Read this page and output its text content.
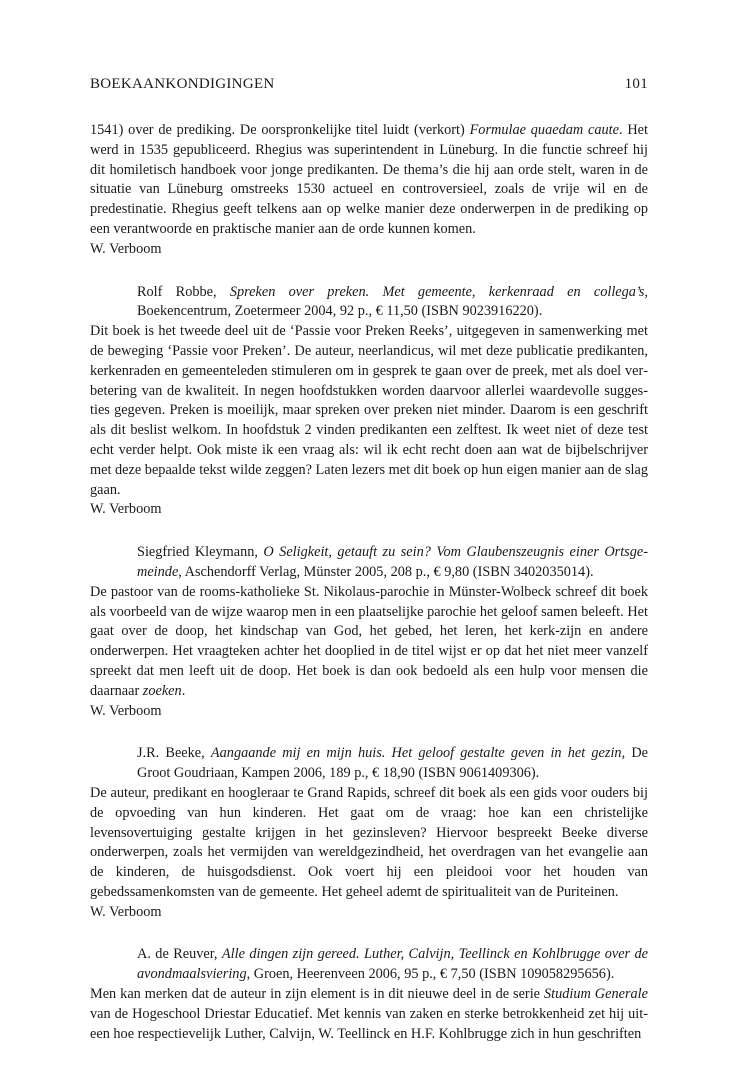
BOEKAANKONDIGINGEN	101

1541) over de prediking. De oorspronkelijke titel luidt (verkort) Formulae quaedam caute. Het werd in 1535 gepubliceerd. Rhegius was superintendent in Lüneburg. In die functie schreef hij dit homiletisch handboek voor jonge predikanten. De thema’s die hij aan orde stelt, waren in de situatie van Lüneburg omstreeks 1530 actueel en controversieel, zoals de vrije wil en de predestinatie. Rhegius geeft telkens aan op welke manier deze onderwerpen in de prediking op een verantwoorde en praktische manier aan de orde kunnen komen.

W. Verboom

Rolf Robbe, Spreken over preken. Met gemeente, kerkenraad en collega’s, Boekencentrum, Zoetermeer 2004, 92 p., € 11,50 (ISBN 9023916220).

Dit boek is het tweede deel uit de ‘Passie voor Preken Reeks’, uitgegeven in samenwerking met de beweging ‘Passie voor Preken’. De auteur, neerlandicus, wil met deze publicatie predikanten, kerkenraden en gemeenteleden stimuleren om in gesprek te gaan over de preek, met als doel verbetering van de kwaliteit. In negen hoofdstukken worden daarvoor allerlei waardevolle suggesties gegeven. Preken is moeilijk, maar spreken over preken niet minder. Daarom is een geschrift als dit beslist welkom. In hoofdstuk 2 vinden predikanten een zelftest. Ik weet niet of deze test echt verder helpt. Ook miste ik een vraag als: wil ik echt recht doen aan wat de bijbelschrijver met deze bepaalde tekst wilde zeggen? Laten lezers met dit boek op hun eigen manier aan de slag gaan.

W. Verboom

Siegfried Kleymann, O Seligkeit, getauft zu sein? Vom Glaubenszeugnis einer Ortsgemeinde, Aschendorff Verlag, Münster 2005, 208 p., € 9,80 (ISBN 3402035014).

De pastoor van de rooms-katholieke St. Nikolaus-parochie in Münster-Wolbeck schreef dit boek als voorbeeld van de wijze waarop men in een plaatselijke parochie het geloof samen beleeft. Het gaat over de doop, het kindschap van God, het gebed, het leren, het kerk-zijn en andere onderwerpen. Het vraagteken achter het dooplied in de titel wijst er op dat het niet meer vanzelf spreekt dat men leeft uit de doop. Het boek is dan ook bedoeld als een hulp voor mensen die daarnaar zoeken.

W. Verboom

J.R. Beeke, Aangaande mij en mijn huis. Het geloof gestalte geven in het gezin, De Groot Goudriaan, Kampen 2006, 189 p., € 18,90 (ISBN 9061409306).

De auteur, predikant en hoogleraar te Grand Rapids, schreef dit boek als een gids voor ouders bij de opvoeding van hun kinderen. Het gaat om de vraag: hoe kan een christelijke levensovertuiging gestalte krijgen in het gezinsleven? Hiervoor bespreekt Beeke diverse onderwerpen, zoals het vermijden van wereldgezindheid, het overdragen van het evangelie aan de kinderen, de huisgodsdienst. Ook voert hij een pleidooi voor het houden van gebedssamenkomsten van de gemeente. Het geheel ademt de spiritualiteit van de Puriteinen.

W. Verboom

A. de Reuver, Alle dingen zijn gereed. Luther, Calvijn, Teellinck en Kohlbrugge over de avondmaalsviering, Groen, Heerenveen 2006, 95 p., € 7,50 (ISBN 109058295656).

Men kan merken dat de auteur in zijn element is in dit nieuwe deel in de serie Studium Generale van de Hogeschool Driestar Educatief. Met kennis van zaken en sterke betrokkenheid zet hij uiteen hoe respectievelijk Luther, Calvijn, W. Teellinck en H.F. Kohlbrugge zich in hun geschriften
